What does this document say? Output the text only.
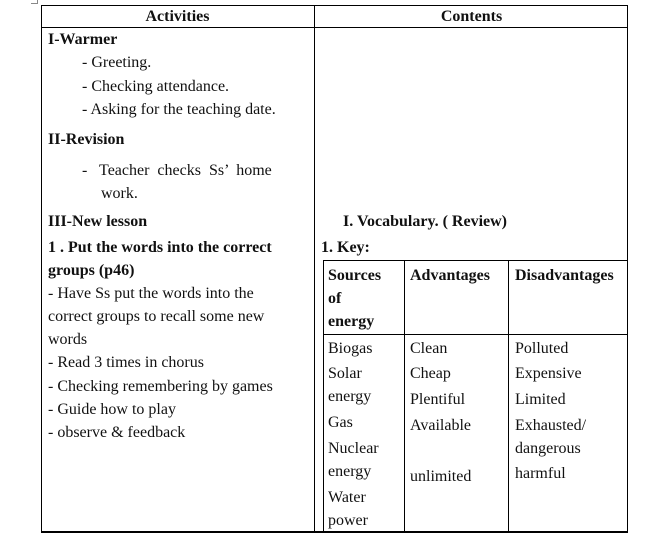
Activities	Contents
I-Warmer
- Greeting.
- Checking attendance.
- Asking for the teaching date.
II-Revision
-   Teacher  checks  Ss’  home
work.
III-New lesson
1 . Put the words into the correct
groups (p46)
- Have Ss put the words into the
correct groups to recall some new
words
- Read 3 times in chorus
- Checking remembering by games
- Guide how to play
- observe & feedback
I. Vocabulary. ( Review)
1. Key:
Sources
of
energy
Advantages Disadvantages
Biogas
Solar
energy
Gas
Nuclear
energy
Water
power
Clean
Cheap
Plentiful
Available
unlimited
Polluted
Expensive
Limited
Exhausted/
dangerous
harmful
